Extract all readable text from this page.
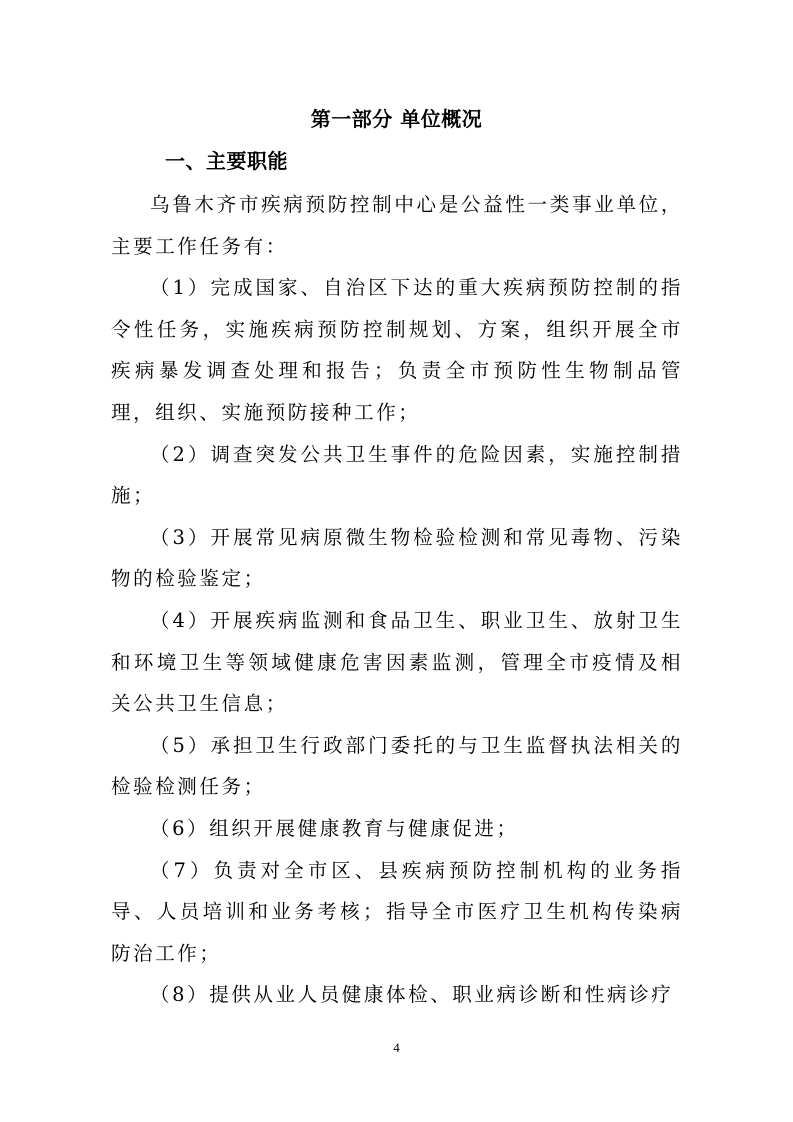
第一部分 单位概况
一、主要职能

乌鲁木齐市疾病预防控制中心是公益性一类事业单位，主要工作任务有：

（1）完成国家、自治区下达的重大疾病预防控制的指令性任务，实施疾病预防控制规划、方案，组织开展全市疾病暴发调查处理和报告；负责全市预防性生物制品管理，组织、实施预防接种工作；

（2）调查突发公共卫生事件的危险因素，实施控制措施；

（3）开展常见病原微生物检验检测和常见毒物、污染物的检验鉴定；

（4）开展疾病监测和食品卫生、职业卫生、放射卫生和环境卫生等领域健康危害因素监测，管理全市疫情及相关公共卫生信息；

（5）承担卫生行政部门委托的与卫生监督执法相关的检验检测任务；

（6）组织开展健康教育与健康促进；

（7）负责对全市区、县疾病预防控制机构的业务指导、人员培训和业务考核；指导全市医疗卫生机构传染病防治工作；

（8）提供从业人员健康体检、职业病诊断和性病诊疗

4
